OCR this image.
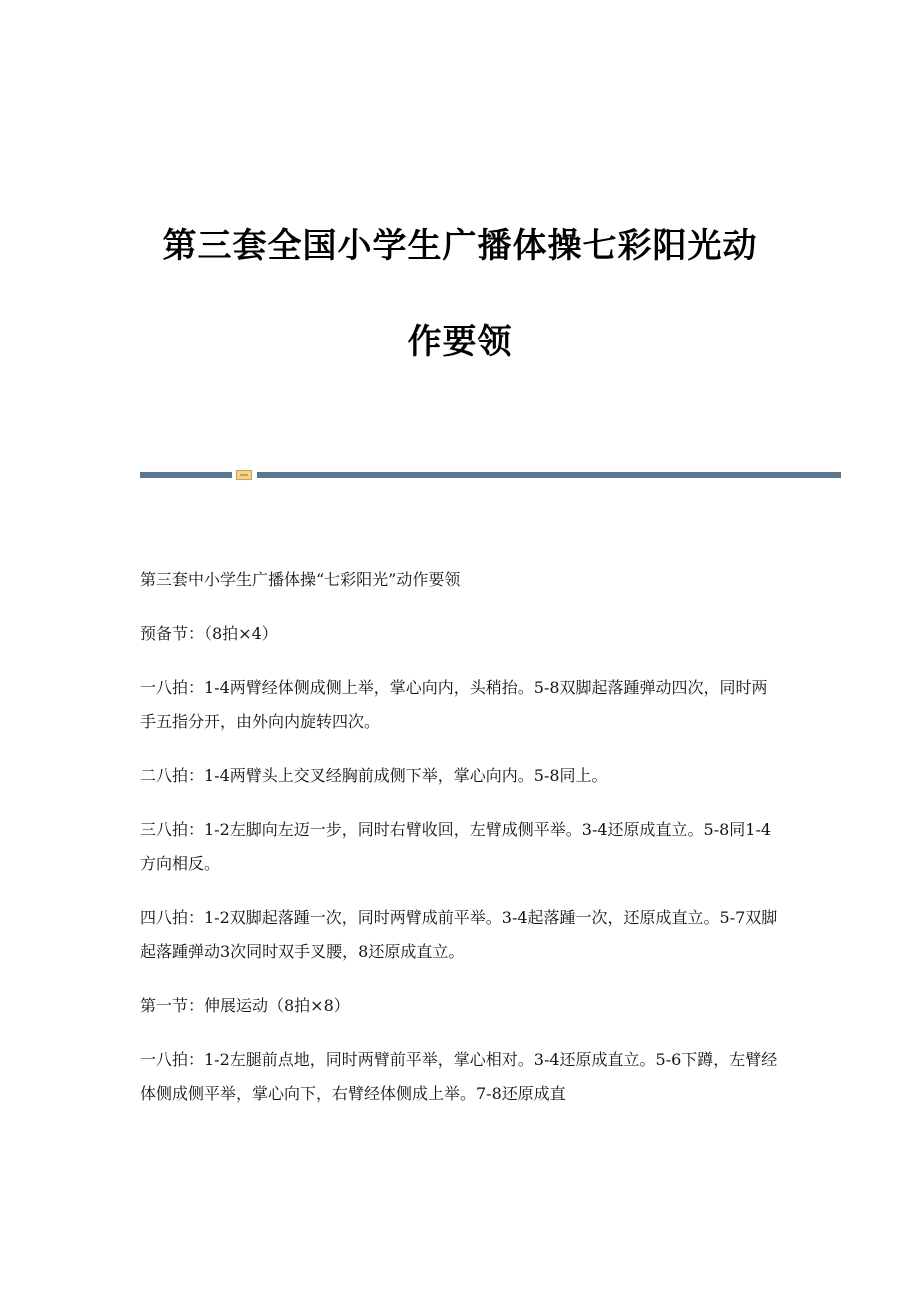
第三套全国小学生广播体操七彩阳光动
作要领

第三套中小学生广播体操“七彩阳光”动作要领

预备节：（8拍×4）

一八拍：1-4两臂经体侧成侧上举，掌心向内，头稍抬。5-8双脚起落踵弹动四次，同时两手五指分开，由外向内旋转四次。

二八拍：1-4两臂头上交叉经胸前成侧下举，掌心向内。5-8同上。

三八拍：1-2左脚向左迈一步，同时右臂收回，左臂成侧平举。3-4还原成直立。5-8同1-4方向相反。

四八拍：1-2双脚起落踵一次，同时两臂成前平举。3-4起落踵一次，还原成直立。5-7双脚起落踵弹动3次同时双手叉腰，8还原成直立。

第一节：伸展运动（8拍×8）

一八拍：1-2左腿前点地，同时两臂前平举，掌心相对。3-4还原成直立。5-6下蹲，左臂经体侧成侧平举，掌心向下，右臂经体侧成上举。7-8还原成直
